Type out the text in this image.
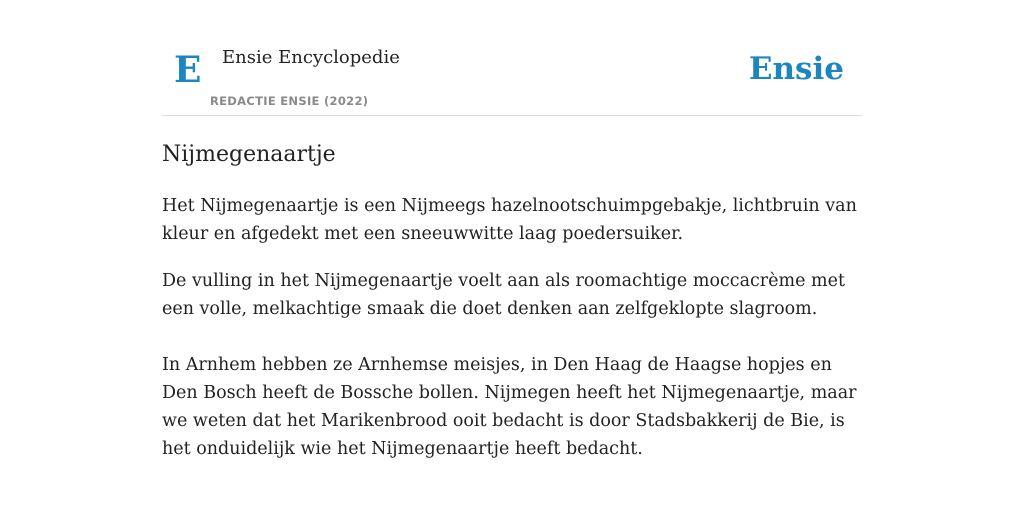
E Ensie Encyclopedie
REDACTIE ENSIE (2022)
Ensie
Nijmegenaartje

Het Nijmegenaartje is een Nijmeegs hazelnootschuimpgebakje, lichtbruin van kleur en afgedekt met een sneeuwwitte laag poedersuiker.

De vulling in het Nijmegenaartje voelt aan als roomachtige moccacrème met een volle, melkachtige smaak die doet denken aan zelfgeklopte slagroom.

In Arnhem hebben ze Arnhemse meisjes, in Den Haag de Haagse hopjes en Den Bosch heeft de Bossche bollen. Nijmegen heeft het Nijmegenaartje, maar we weten dat het Marikenbrood ooit bedacht is door Stadsbakkerij de Bie, is het onduidelijk wie het Nijmegenaartje heeft bedacht.
